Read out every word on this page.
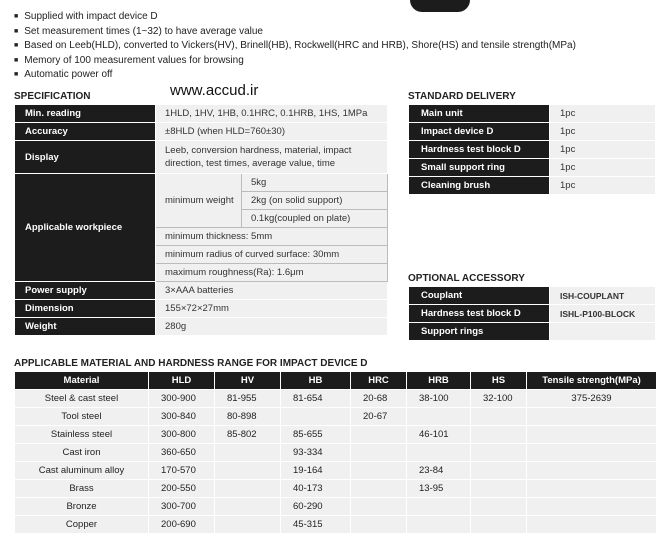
■ Supplied with impact device D
■ Set measurement times (1~32) to have average value
■ Based on Leeb(HLD), converted to Vickers(HV), Brinell(HB), Rockwell(HRC and HRB), Shore(HS) and tensile strength(MPa)
■ Memory of 100 measurement values for browsing
■ Automatic power off
www.accud.ir
SPECIFICATION
Min. reading	1HLD, 1HV, 1HB, 0.1HRC, 0.1HRB, 1HS, 1MPa	
Accuracy	±8HLD (when HLD=760±30)	
Display	Leeb, conversion hardness, material, impact direction, test times, average value, time	
Applicable workpiece	minimum weight	5kg
		2kg (on solid support)
		0.1kg(coupled on plate)
	minimum thickness: 5mm	
	minimum radius of curved surface: 30mm	
	maximum roughness(Ra): 1.6μm	
Power supply	3×AAA batteries	
Dimension	155×72×27mm	
Weight	280g	
STANDARD DELIVERY
Main unit	1pc
Impact device D	1pc
Hardness test block D	1pc
Small support ring	1pc
Cleaning brush	1pc
OPTIONAL ACCESSORY
Couplant	ISH-COUPLANT
Hardness test block D	ISHL-P100-BLOCK
Support rings	
APPLICABLE MATERIAL AND HARDNESS RANGE FOR IMPACT DEVICE D
Material	HLD	HV	HB	HRC	HRB	HS	Tensile strength(MPa)
Steel & cast steel	300-900	81-955	81-654	20-68	38-100	32-100	375-2639
Tool steel	300-840	80-898		20-67			
Stainless steel	300-800	85-802	85-655		46-101		
Cast iron	360-650		93-334				
Cast aluminum alloy	170-570		19-164		23-84		
Brass	200-550		40-173		13-95		
Bronze	300-700		60-290				
Copper	200-690		45-315				
